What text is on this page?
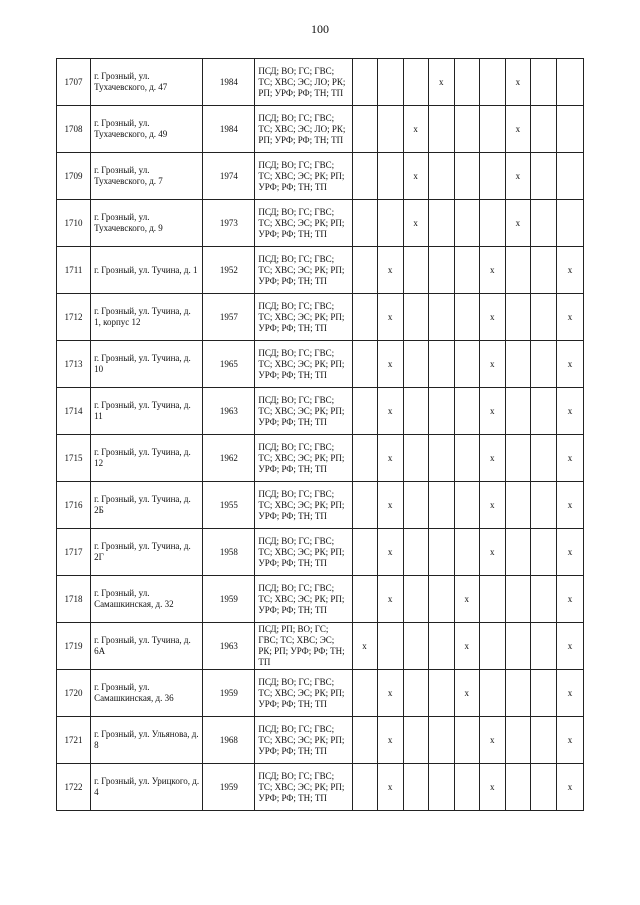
100
1707	г. Грозный, ул. Тухачевского, д. 47	1984	ПСД; ВО; ГС; ГВС; ТС; ХВС; ЭС; ЛО; РК; РП; УРФ; РФ; ТН; ТП				x			x		
1708	г. Грозный, ул. Тухачевского, д. 49	1984	ПСД; ВО; ГС; ГВС; ТС; ХВС; ЭС; ЛО; РК; РП; УРФ; РФ; ТН; ТП			x				x		
1709	г. Грозный, ул. Тухачевского, д. 7	1974	ПСД; ВО; ГС; ГВС; ТС; ХВС; ЭС; РК; РП; УРФ; РФ; ТН; ТП			x				x		
1710	г. Грозный, ул. Тухачевского, д. 9	1973	ПСД; ВО; ГС; ГВС; ТС; ХВС; ЭС; РК; РП; УРФ; РФ; ТН; ТП			x				x		
1711	г. Грозный, ул. Тучина, д. 1	1952	ПСД; ВО; ГС; ГВС; ТС; ХВС; ЭС; РК; РП; УРФ; РФ; ТН; ТП		x				x			x
1712	г. Грозный, ул. Тучина, д. 1, корпус 12	1957	ПСД; ВО; ГС; ГВС; ТС; ХВС; ЭС; РК; РП; УРФ; РФ; ТН; ТП		x				x			x
1713	г. Грозный, ул. Тучина, д. 10	1965	ПСД; ВО; ГС; ГВС; ТС; ХВС; ЭС; РК; РП; УРФ; РФ; ТН; ТП		x				x			x
1714	г. Грозный, ул. Тучина, д. 11	1963	ПСД; ВО; ГС; ГВС; ТС; ХВС; ЭС; РК; РП; УРФ; РФ; ТН; ТП		x				x			x
1715	г. Грозный, ул. Тучина, д. 12	1962	ПСД; ВО; ГС; ГВС; ТС; ХВС; ЭС; РК; РП; УРФ; РФ; ТН; ТП		x				x			x
1716	г. Грозный, ул. Тучина, д. 2Б	1955	ПСД; ВО; ГС; ГВС; ТС; ХВС; ЭС; РК; РП; УРФ; РФ; ТН; ТП		x				x			x
1717	г. Грозный, ул. Тучина, д. 2Г	1958	ПСД; ВО; ГС; ГВС; ТС; ХВС; ЭС; РК; РП; УРФ; РФ; ТН; ТП		x				x			x
1718	г. Грозный, ул. Самашкинская, д. 32	1959	ПСД; ВО; ГС; ГВС; ТС; ХВС; ЭС; РК; РП; УРФ; РФ; ТН; ТП		x			x				x
1719	г. Грозный, ул. Тучина, д. 6А	1963	ПСД; РП; ВО; ГС; ГВС; ТС; ХВС; ЭС; РК; РП; УРФ; РФ; ТН; ТП	x				x				x
1720	г. Грозный, ул. Самашкинская, д. 36	1959	ПСД; ВО; ГС; ГВС; ТС; ХВС; ЭС; РК; РП; УРФ; РФ; ТН; ТП		x			x				x
1721	г. Грозный, ул. Ульянова, д. 8	1968	ПСД; ВО; ГС; ГВС; ТС; ХВС; ЭС; РК; РП; УРФ; РФ; ТН; ТП		x				x			x
1722	г. Грозный, ул. Урицкого, д. 4	1959	ПСД; ВО; ГС; ГВС; ТС; ХВС; ЭС; РК; РП; УРФ; РФ; ТН; ТП		x				x			x
